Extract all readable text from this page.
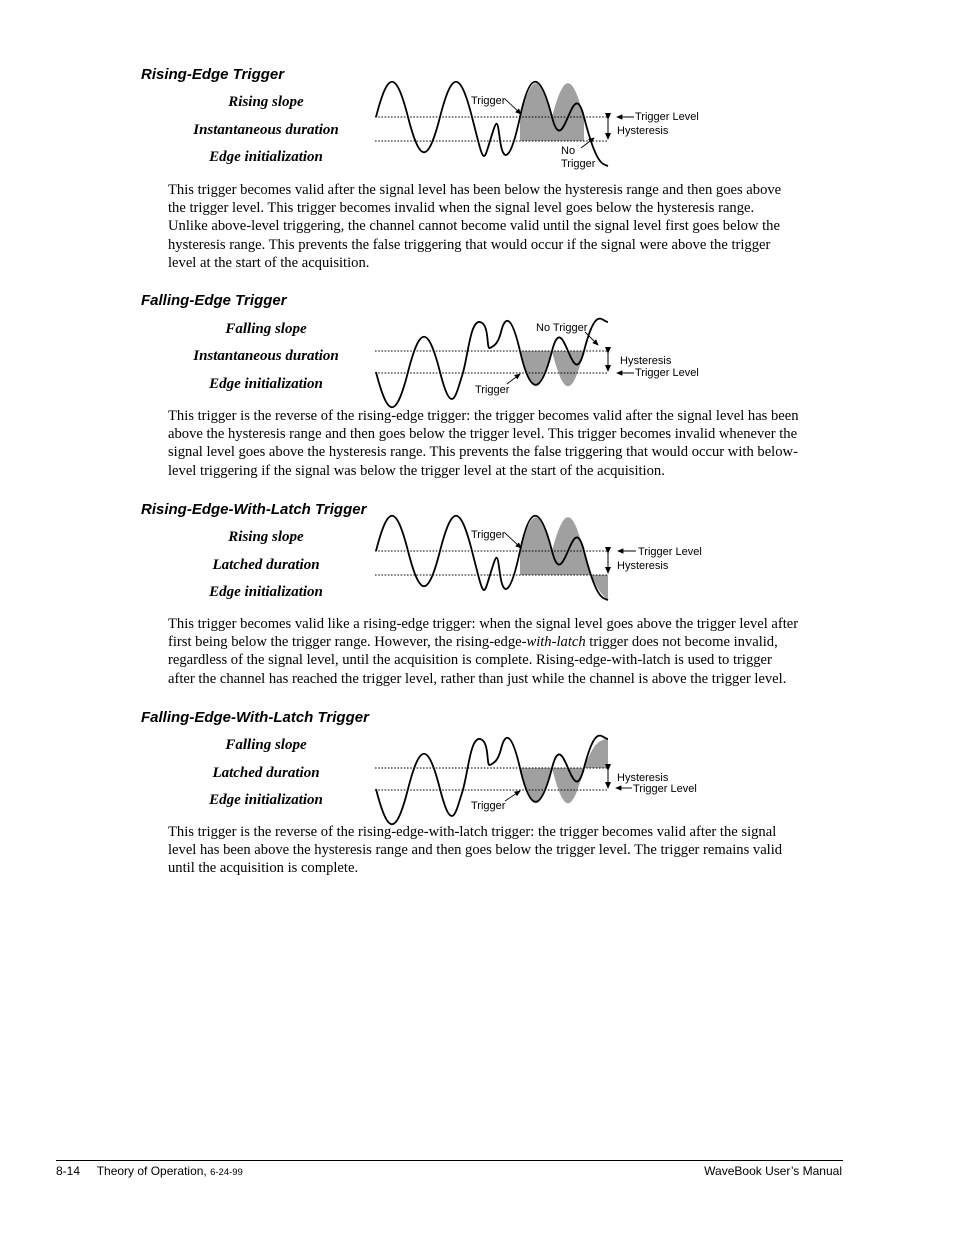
Rising-Edge Trigger
Rising slope
Instantaneous duration
Edge initialization
Trigger
Trigger Level
Hysteresis
No
Trigger

This trigger becomes valid after the signal level has been below the hysteresis range and then goes above
the trigger level. This trigger becomes invalid when the signal level goes below the hysteresis range.
Unlike above-level triggering, the channel cannot become valid until the signal level first goes below the
hysteresis range. This prevents the false triggering that would occur if the signal were above the trigger
level at the start of the acquisition.

Falling-Edge Trigger
Falling slope
Instantaneous duration
Edge initialization
No Trigger
Hysteresis
Trigger Level
Trigger

This trigger is the reverse of the rising-edge trigger: the trigger becomes valid after the signal level has been
above the hysteresis range and then goes below the trigger level. This trigger becomes invalid whenever the
signal level goes above the hysteresis range. This prevents the false triggering that would occur with below-
level triggering if the signal was below the trigger level at the start of the acquisition.

Rising-Edge-With-Latch Trigger
Rising slope
Latched duration
Edge initialization
Trigger
Trigger Level
Hysteresis

This trigger becomes valid like a rising-edge trigger: when the signal level goes above the trigger level after
first being below the trigger range. However, the rising-edge-with-latch trigger does not become invalid,
regardless of the signal level, until the acquisition is complete. Rising-edge-with-latch is used to trigger
after the channel has reached the trigger level, rather than just while the channel is above the trigger level.

Falling-Edge-With-Latch Trigger
Falling slope
Latched duration
Edge initialization
Hysteresis
Trigger Level
Trigger

This trigger is the reverse of the rising-edge-with-latch trigger: the trigger becomes valid after the signal
level has been above the hysteresis range and then goes below the trigger level. The trigger remains valid
until the acquisition is complete.

8-14 Theory of Operation, 6-24-99	WaveBook User’s Manual
